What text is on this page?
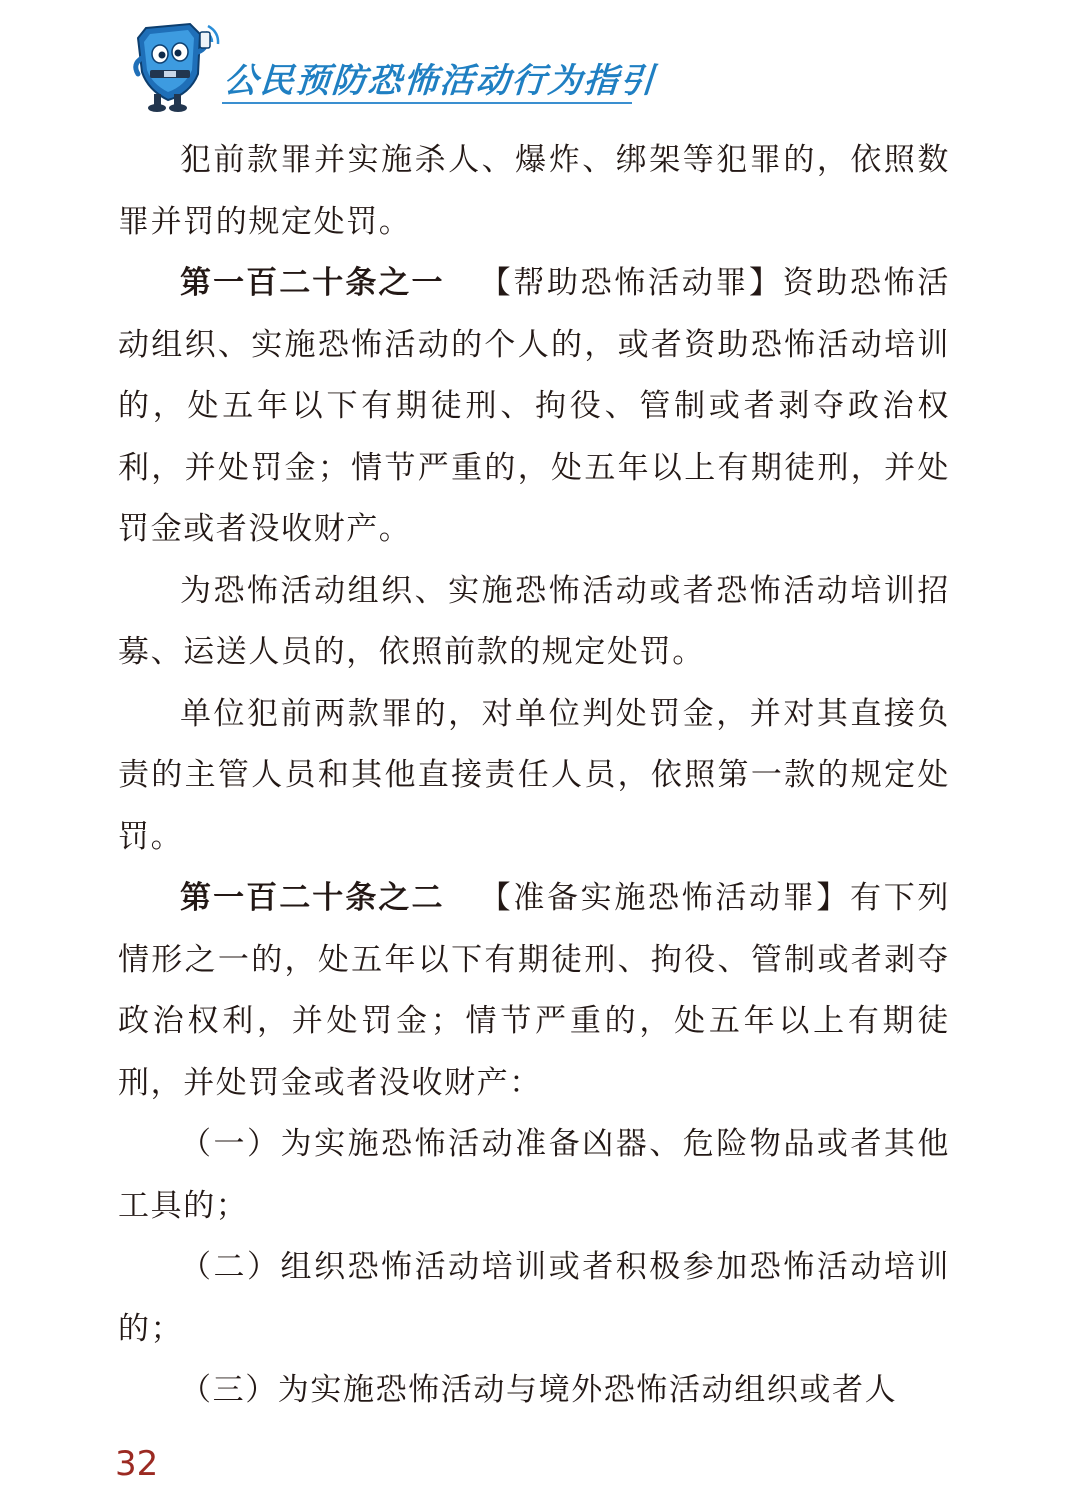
公民预防恐怖活动行为指引

犯前款罪并实施杀人、爆炸、绑架等犯罪的，依照数罪并罚的规定处罚。

第一百二十条之一 【帮助恐怖活动罪】资助恐怖活动组织、实施恐怖活动的个人的，或者资助恐怖活动培训的，处五年以下有期徒刑、拘役、管制或者剥夺政治权利，并处罚金；情节严重的，处五年以上有期徒刑，并处罚金或者没收财产。

为恐怖活动组织、实施恐怖活动或者恐怖活动培训招募、运送人员的，依照前款的规定处罚。

单位犯前两款罪的，对单位判处罚金，并对其直接负责的主管人员和其他直接责任人员，依照第一款的规定处罚。

第一百二十条之二 【准备实施恐怖活动罪】有下列情形之一的，处五年以下有期徒刑、拘役、管制或者剥夺政治权利，并处罚金；情节严重的，处五年以上有期徒刑，并处罚金或者没收财产：

（一）为实施恐怖活动准备凶器、危险物品或者其他工具的；

（二）组织恐怖活动培训或者积极参加恐怖活动培训的；

（三）为实施恐怖活动与境外恐怖活动组织或者人

32
